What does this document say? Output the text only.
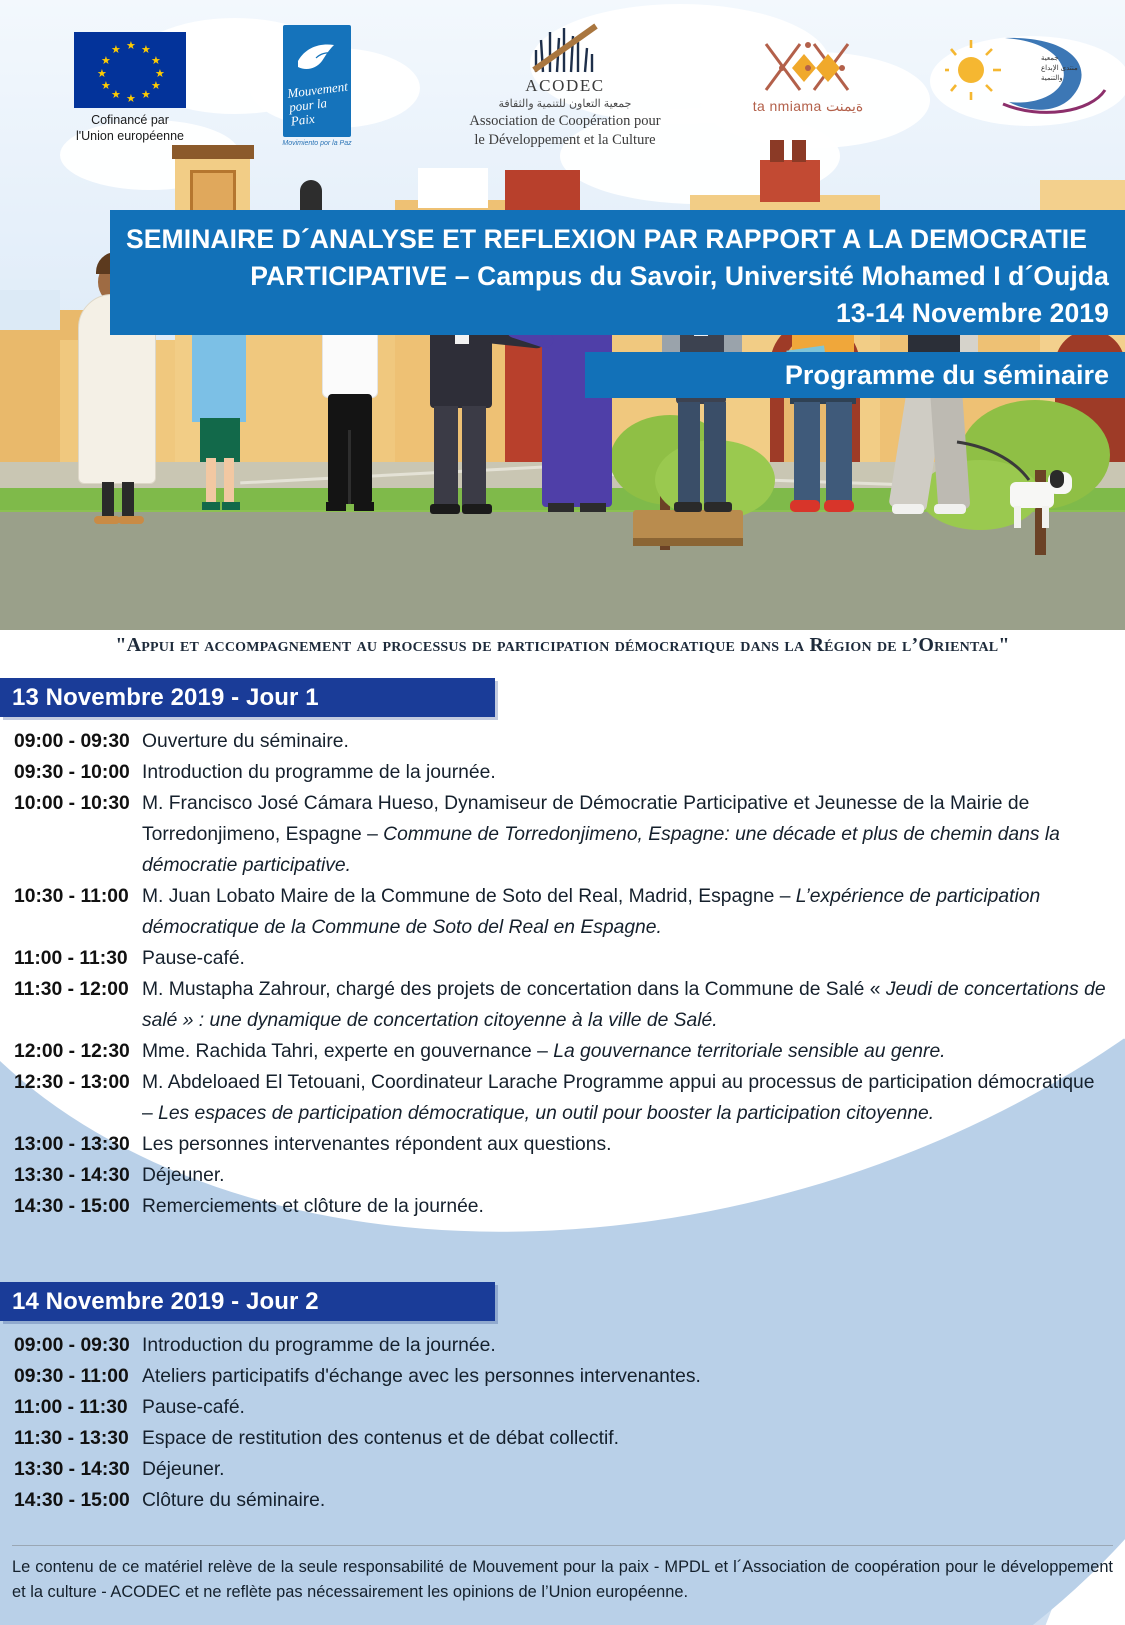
★
★ ★
★	★
★	★
★	★
★ ★
★
Cofinancé par
l'Union européenne
Mouvement
pour la Paix
Movimiento por la Paz
ACODEC
جمعية التعاون للتنمية والثقافة
Association de Coopération pour
le Développement et la Culture
ta nmiama ةيمنت
جمعية
منتدى الإبداع
والتنمية
SEMINAIRE D´ANALYSE ET REFLEXION PAR RAPPORT A LA DEMOCRATIE
PARTICIPATIVE – Campus du Savoir, Université Mohamed I d´Oujda
13-14 Novembre 2019
Programme du séminaire
"Appui et accompagnement au processus de participation démocratique dans la Région de l’Oriental"
13 Novembre 2019 - Jour 1
09:00 - 09:30 Ouverture du séminaire.
09:30 - 10:00 Introduction du programme de la journée.
10:00 - 10:30 M. Francisco José Cámara Hueso, Dynamiseur de Démocratie Participative et Jeunesse de la Mairie de Torredonjimeno, Espagne – Commune de Torredonjimeno, Espagne: une décade et plus de chemin dans la démocratie participative.
10:30 - 11:00 M. Juan Lobato Maire de la Commune de Soto del Real, Madrid, Espagne – L’expérience de participation démocratique de la Commune de Soto del Real en Espagne.
11:00 - 11:30 Pause-café.
11:30 - 12:00 M. Mustapha Zahrour, chargé des projets de concertation dans la Commune de Salé « Jeudi de concertations de salé » : une dynamique de concertation citoyenne à la ville de Salé.
12:00 - 12:30 Mme. Rachida Tahri, experte en gouvernance – La gouvernance territoriale sensible au genre.
12:30 - 13:00 M. Abdeloaed El Tetouani, Coordinateur Larache Programme appui au processus de participation démocratique – Les espaces de participation démocratique, un outil pour booster la participation citoyenne.
13:00 - 13:30 Les personnes intervenantes répondent aux questions.
13:30 - 14:30 Déjeuner.
14:30 - 15:00 Remerciements et clôture de la journée.
14 Novembre 2019 - Jour 2
09:00 - 09:30 Introduction du programme de la journée.
09:30 - 11:00 Ateliers participatifs d'échange avec les personnes intervenantes.
11:00 - 11:30 Pause-café.
11:30 - 13:30 Espace de restitution des contenus et de débat collectif.
13:30 - 14:30 Déjeuner.
14:30 - 15:00 Clôture du séminaire.
Le contenu de ce matériel relève de la seule responsabilité de Mouvement pour la paix - MPDL et l´Association de coopération pour le développement et la culture - ACODEC et ne reflète pas nécessairement les opinions de l’Union européenne.
